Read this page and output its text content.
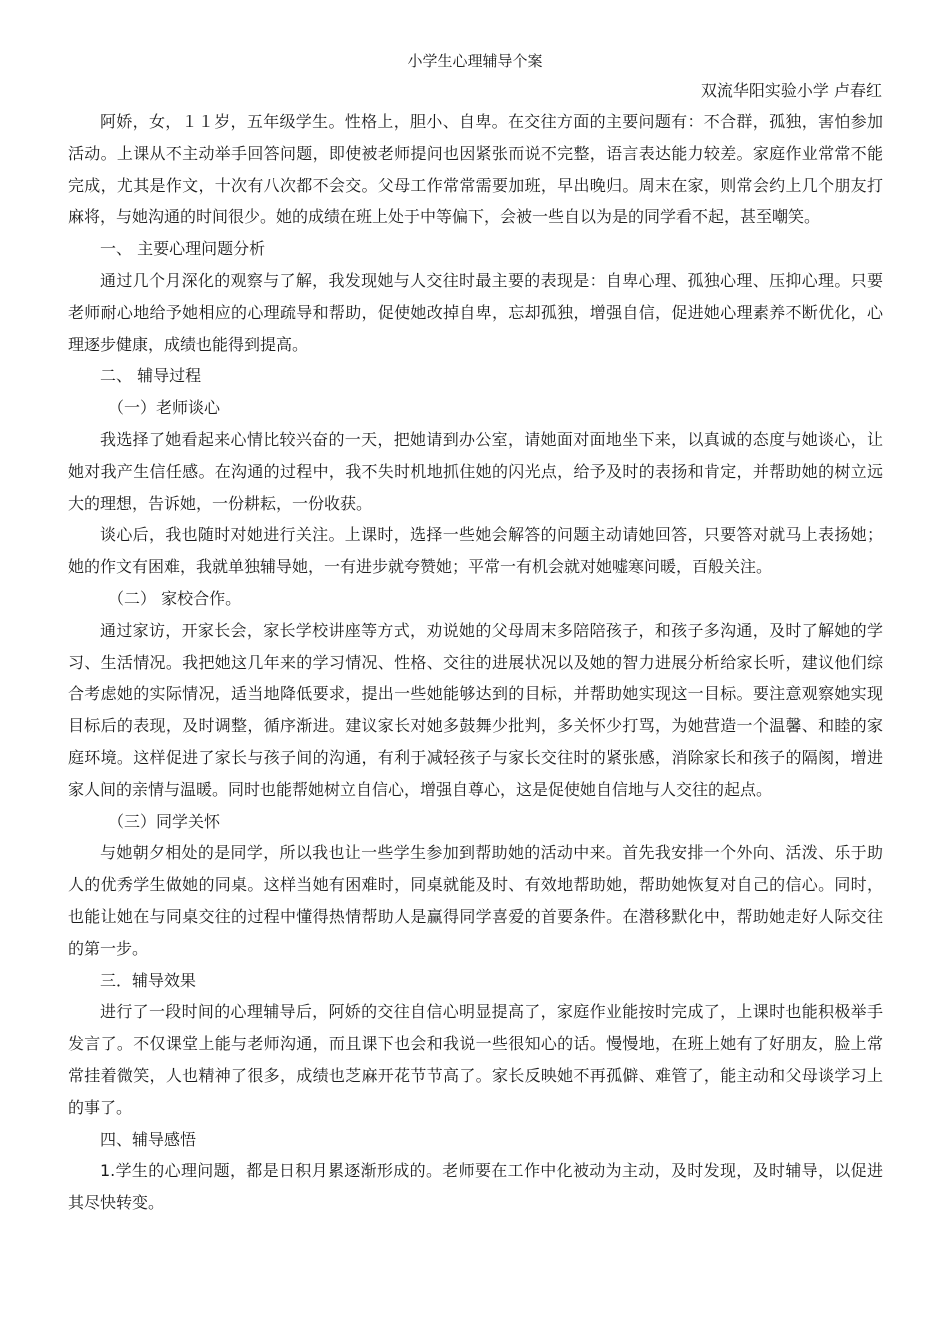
小学生心理辅导个案
双流华阳实验小学 卢春红

阿娇，女，１１岁，五年级学生。性格上，胆小、自卑。在交往方面的主要问题有：不合群，孤独，害怕参加活动。上课从不主动举手回答问题，即使被老师提问也因紧张而说不完整，语言表达能力较差。家庭作业常常不能完成，尤其是作文，十次有八次都不会交。父母工作常常需要加班，早出晚归。周末在家，则常会约上几个朋友打麻将，与她沟通的时间很少。她的成绩在班上处于中等偏下，会被一些自以为是的同学看不起，甚至嘲笑。

一、 主要心理问题分析

通过几个月深化的观察与了解，我发现她与人交往时最主要的表现是：自卑心理、孤独心理、压抑心理。只要老师耐心地给予她相应的心理疏导和帮助，促使她改掉自卑，忘却孤独，增强自信，促进她心理素养不断优化，心理逐步健康，成绩也能得到提高。

二、 辅导过程

（一）老师谈心

我选择了她看起来心情比较兴奋的一天，把她请到办公室，请她面对面地坐下来，以真诚的态度与她谈心，让她对我产生信任感。在沟通的过程中，我不失时机地抓住她的闪光点，给予及时的表扬和肯定，并帮助她的树立远大的理想，告诉她，一份耕耘，一份收获。

谈心后，我也随时对她进行关注。上课时，选择一些她会解答的问题主动请她回答，只要答对就马上表扬她；她的作文有困难，我就单独辅导她，一有进步就夸赞她；平常一有机会就对她嘘寒问暖，百般关注。

（二） 家校合作。

通过家访，开家长会，家长学校讲座等方式，劝说她的父母周末多陪陪孩子，和孩子多沟通，及时了解她的学习、生活情况。我把她这几年来的学习情况、性格、交往的进展状况以及她的智力进展分析给家长听，建议他们综合考虑她的实际情况，适当地降低要求，提出一些她能够达到的目标，并帮助她实现这一目标。要注意观察她实现目标后的表现，及时调整，循序渐进。建议家长对她多鼓舞少批判，多关怀少打骂，为她营造一个温馨、和睦的家庭环境。这样促进了家长与孩子间的沟通，有利于减轻孩子与家长交往时的紧张感，消除家长和孩子的隔阂，增进家人间的亲情与温暖。同时也能帮她树立自信心，增强自尊心，这是促使她自信地与人交往的起点。

（三）同学关怀

与她朝夕相处的是同学，所以我也让一些学生参加到帮助她的活动中来。首先我安排一个外向、活泼、乐于助人的优秀学生做她的同桌。这样当她有困难时，同桌就能及时、有效地帮助她，帮助她恢复对自己的信心。同时，也能让她在与同桌交往的过程中懂得热情帮助人是赢得同学喜爱的首要条件。在潜移默化中，帮助她走好人际交往的第一步。

三．辅导效果

进行了一段时间的心理辅导后，阿娇的交往自信心明显提高了，家庭作业能按时完成了，上课时也能积极举手发言了。不仅课堂上能与老师沟通，而且课下也会和我说一些很知心的话。慢慢地，在班上她有了好朋友，脸上常常挂着微笑，人也精神了很多，成绩也芝麻开花节节高了。家长反映她不再孤僻、难管了，能主动和父母谈学习上的事了。

四、辅导感悟

1.学生的心理问题，都是日积月累逐渐形成的。老师要在工作中化被动为主动，及时发现，及时辅导，以促进其尽快转变。
